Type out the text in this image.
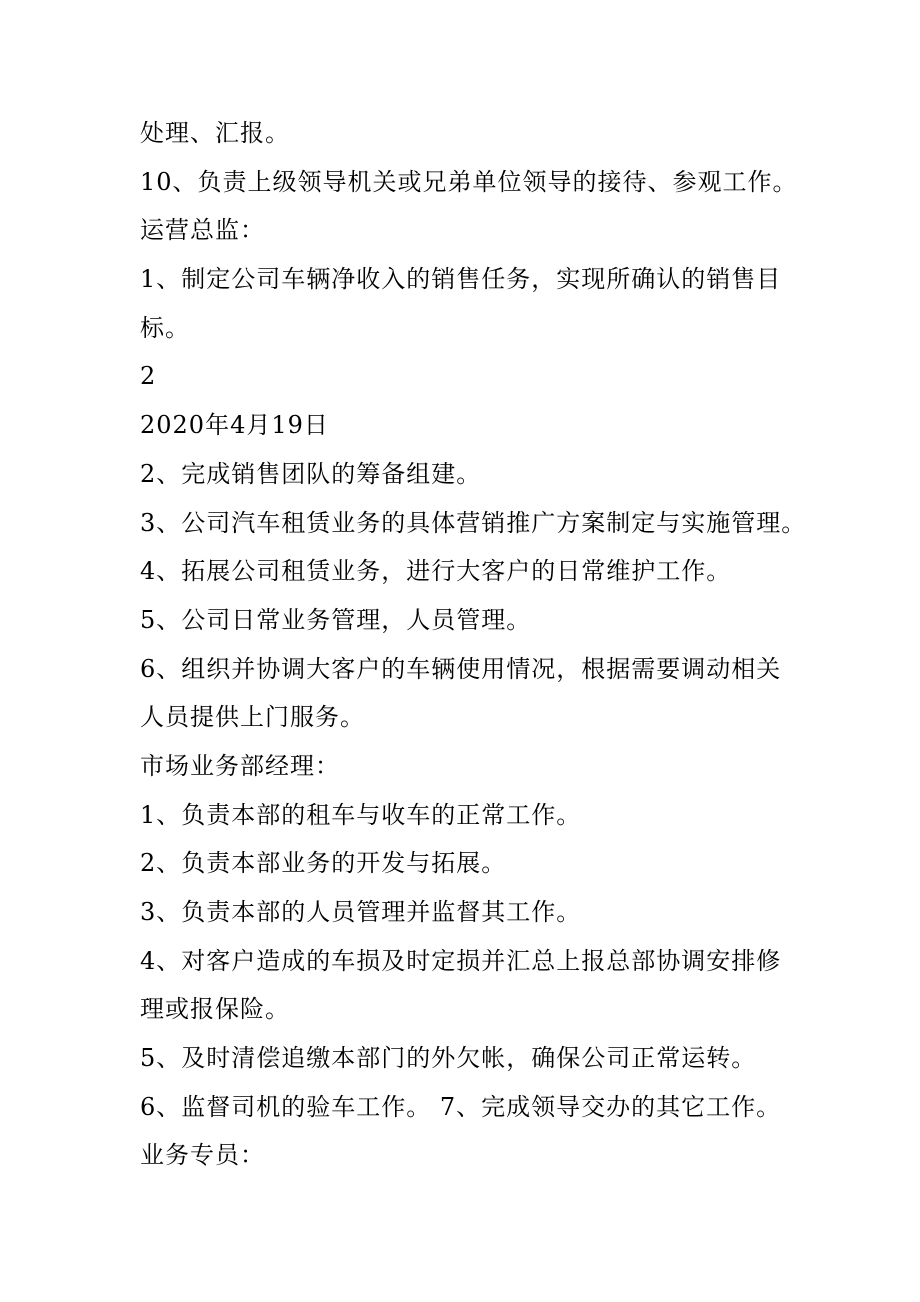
处理、汇报。
10、负责上级领导机关或兄弟单位领导的接待、参观工作。
运营总监：
1、制定公司车辆净收入的销售任务，实现所确认的销售目
标。
2
2020年4月19日
2、完成销售团队的筹备组建。
3、公司汽车租赁业务的具体营销推广方案制定与实施管理。
4、拓展公司租赁业务，进行大客户的日常维护工作。
5、公司日常业务管理，人员管理。
6、组织并协调大客户的车辆使用情况，根据需要调动相关
人员提供上门服务。
市场业务部经理：
1、负责本部的租车与收车的正常工作。
2、负责本部业务的开发与拓展。
3、负责本部的人员管理并监督其工作。
4、对客户造成的车损及时定损并汇总上报总部协调安排修
理或报保险。
5、及时清偿追缴本部门的外欠帐，确保公司正常运转。
6、监督司机的验车工作。 7、完成领导交办的其它工作。
业务专员：
